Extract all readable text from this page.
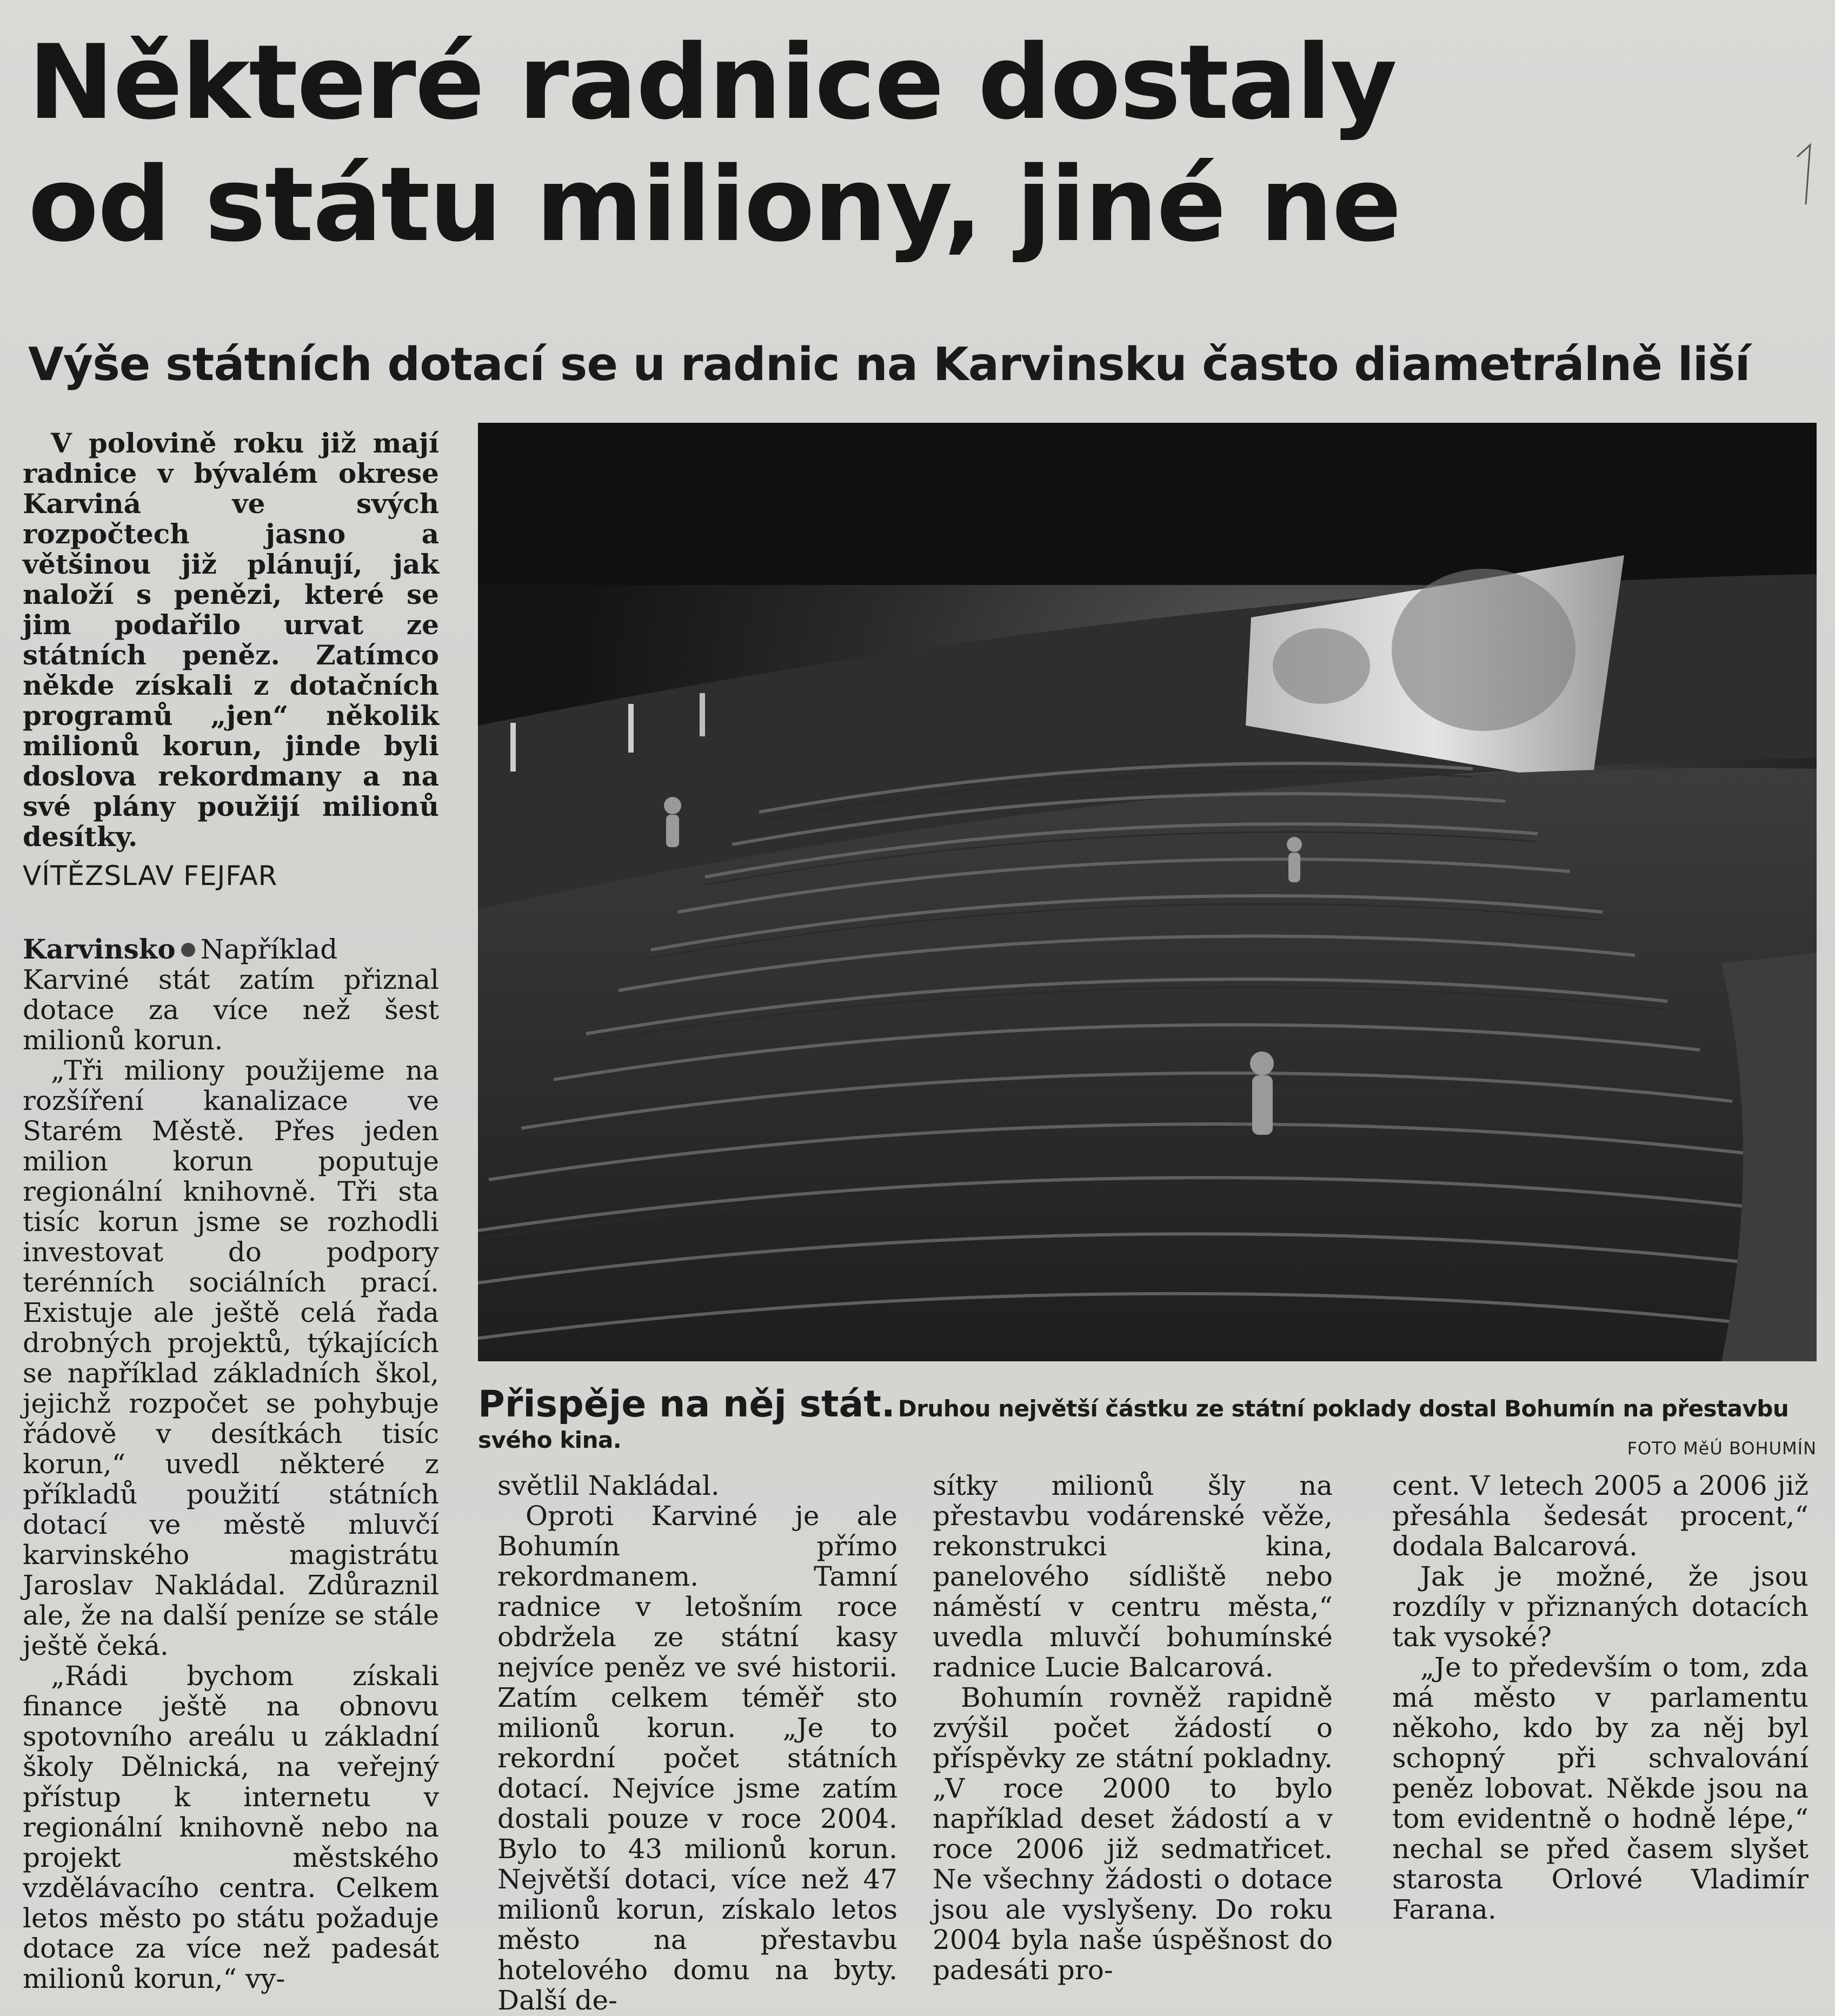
Některé radnice dostaly
od státu miliony, jiné ne
Výše státních dotací se u radnic na Karvinsku často diametrálně liší

V polovině roku již mají radnice v bývalém okrese Karviná ve svých rozpočtech jasno a většinou již plánují, jak naloží s penězi, které se jim podařilo urvat ze státních peněz. Zatímco někde získali z dotačních programů „jen“ několik milionů korun, jinde byli doslova rekordmany a na své plány použijí milionů desítky.

VÍTĚZSLAV FEJFAR

Karvinsko Například Karviné stát zatím přiznal dotace za více než šest milionů korun.

„Tři miliony použijeme na rozšíření kanalizace ve Starém Městě. Přes jeden milion korun poputuje regionální knihovně. Tři sta tisíc korun jsme se rozhodli investovat do podpory terénních sociálních prací. Existuje ale ještě celá řada drobných projektů, týkajících se například základních škol, jejichž rozpočet se pohybuje řádově v desítkách tisíc korun,“ uvedl některé z příkladů použití státních dotací ve městě mluvčí karvinského magistrátu Jaroslav Nakládal. Zdůraznil ale, že na další peníze se stále ještě čeká.

„Rádi bychom získali finance ještě na obnovu spotovního areálu u základní školy Dělnická, na veřejný přístup k internetu v regionální knihovně nebo na projekt městského vzdělávacího centra. Celkem letos město po státu požaduje dotace za více než padesát milionů korun,“ vy-

Přispěje na něj stát. Druhou největší částku ze státní poklady dostal Bohumín na přestavbu svého kina.	FOTO MěÚ BOHUMÍN

světlil Nakládal.

Oproti Karviné je ale Bohumín přímo rekordmanem. Tamní radnice v letošním roce obdržela ze státní kasy nejvíce peněz ve své historii. Zatím celkem téměř sto milionů korun. „Je to rekordní počet státních dotací. Nejvíce jsme zatím dostali pouze v roce 2004. Bylo to 43 milionů korun. Největší dotaci, více než 47 milionů korun, získalo letos město na přestavbu hotelového domu na byty. Další de-

sítky milionů šly na přestavbu vodárenské věže, rekonstrukci kina, panelového sídliště nebo náměstí v centru města,“ uvedla mluvčí bohumínské radnice Lucie Balcarová.

Bohumín rovněž rapidně zvýšil počet žádostí o příspěvky ze státní pokladny. „V roce 2000 to bylo například deset žádostí a v roce 2006 již sedmatřicet. Ne všechny žádosti o dotace jsou ale vyslyšeny. Do roku 2004 byla naše úspěšnost do padesáti pro-

cent. V letech 2005 a 2006 již přesáhla šedesát procent,“ dodala Balcarová.

Jak je možné, že jsou rozdíly v přiznaných dotacích tak vysoké?

„Je to především o tom, zda má město v parlamentu někoho, kdo by za něj byl schopný při schvalování peněz lobovat. Někde jsou na tom evidentně o hodně lépe,“ nechal se před časem slyšet starosta Orlové Vladimír Farana.
